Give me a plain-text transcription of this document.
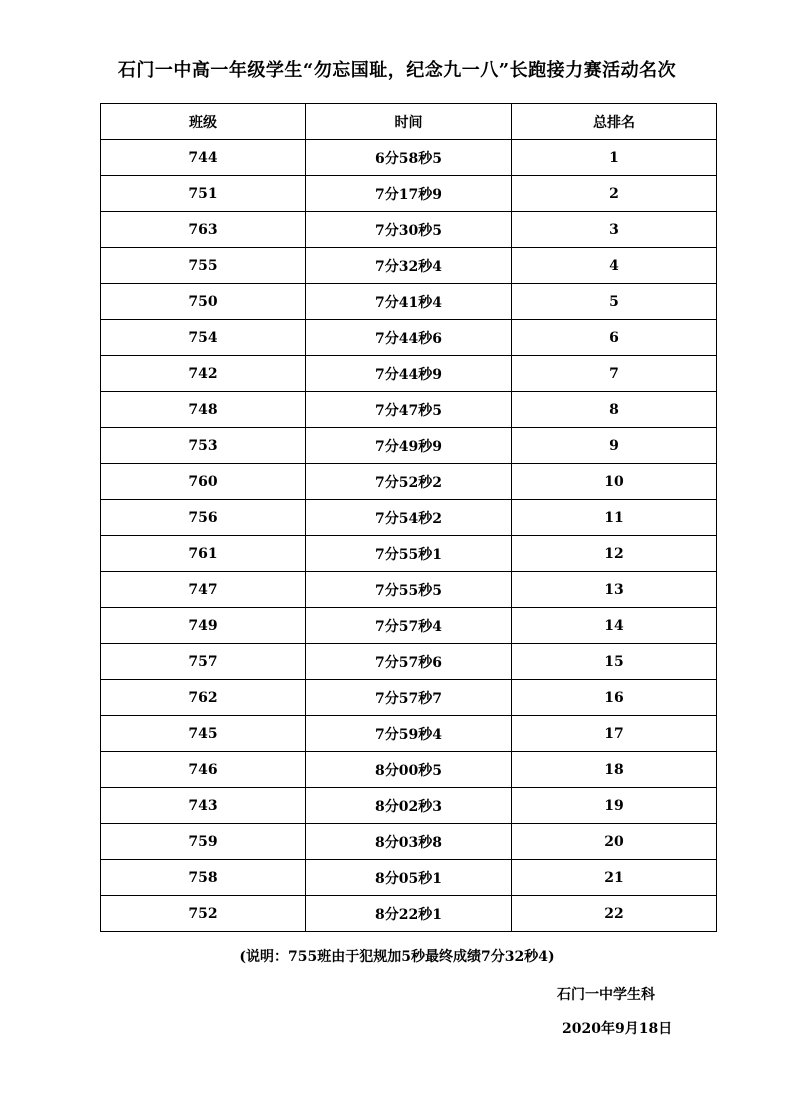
石门一中高一年级学生“勿忘国耻，纪念九一八”长跑接力赛活动名次
班级	时间	总排名
744	6分58秒5	1
751	7分17秒9	2
763	7分30秒5	3
755	7分32秒4	4
750	7分41秒4	5
754	7分44秒6	6
742	7分44秒9	7
748	7分47秒5	8
753	7分49秒9	9
760	7分52秒2	10
756	7分54秒2	11
761	7分55秒1	12
747	7分55秒5	13
749	7分57秒4	14
757	7分57秒6	15
762	7分57秒7	16
745	7分59秒4	17
746	8分00秒5	18
743	8分02秒3	19
759	8分03秒8	20
758	8分05秒1	21
752	8分22秒1	22
(说明：755班由于犯规加5秒最终成绩7分32秒4)
石门一中学生科
2020年9月18日
